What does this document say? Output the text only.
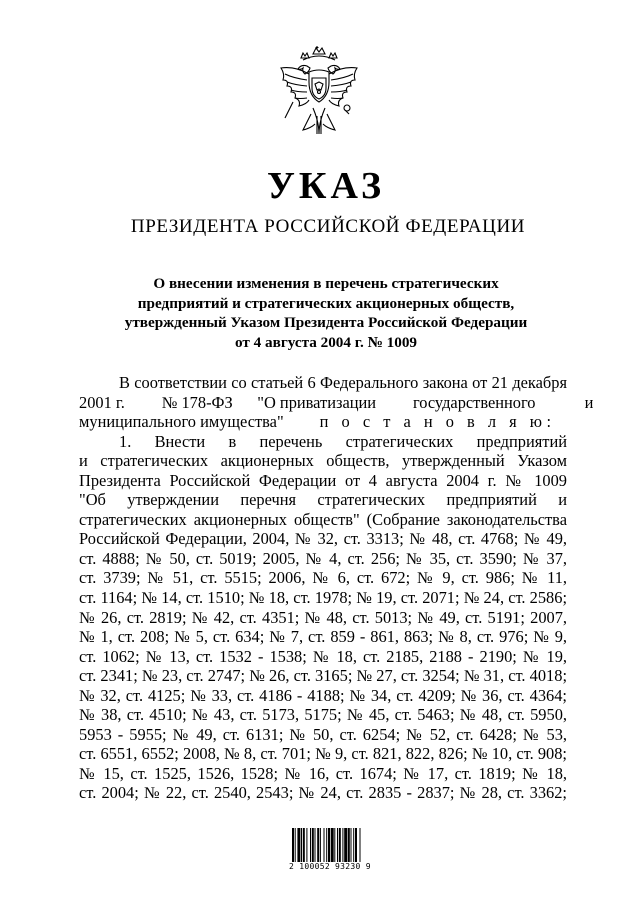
УКАЗ
ПРЕЗИДЕНТА РОССИЙСКОЙ ФЕДЕРАЦИИ
О внесении изменения в перечень стратегических
предприятий и стратегических акционерных обществ,
утвержденный Указом Президента Российской Федерации
от 4 августа 2004 г. № 1009
В соответствии со статьей 6 Федерального закона от 21 декабря
2001 г. № 178-ФЗ "О приватизации государственного	и
муниципального имущества" п о с т а н о в л я ю:
1. Внести в перечень стратегических предприятий
и стратегических акционерных обществ, утвержденный Указом
Президента Российской Федерации от 4 августа 2004 г. № 1009
"Об утверждении перечня стратегических предприятий и
стратегических акционерных обществ" (Собрание законодательства
Российской Федерации, 2004, № 32, ст. 3313; № 48, ст. 4768; № 49,
ст. 4888; № 50, ст. 5019; 2005, № 4, ст. 256; № 35, ст. 3590; № 37,
ст. 3739; № 51, ст. 5515; 2006, № 6, ст. 672; № 9, ст. 986; № 11,
ст. 1164; № 14, ст. 1510; № 18, ст. 1978; № 19, ст. 2071; № 24, ст. 2586;
№ 26, ст. 2819; № 42, ст. 4351; № 48, ст. 5013; № 49, ст. 5191; 2007,
№ 1, ст. 208; № 5, ст. 634; № 7, ст. 859 - 861, 863; № 8, ст. 976; № 9,
ст. 1062; № 13, ст. 1532 - 1538; № 18, ст. 2185, 2188 - 2190; № 19,
ст. 2341; № 23, ст. 2747; № 26, ст. 3165; № 27, ст. 3254; № 31, ст. 4018;
№ 32, ст. 4125; № 33, ст. 4186 - 4188; № 34, ст. 4209; № 36, ст. 4364;
№ 38, ст. 4510; № 43, ст. 5173, 5175; № 45, ст. 5463; № 48, ст. 5950,
5953 - 5955; № 49, ст. 6131; № 50, ст. 6254; № 52, ст. 6428; № 53,
ст. 6551, 6552; 2008, № 8, ст. 701; № 9, ст. 821, 822, 826; № 10, ст. 908;
№ 15, ст. 1525, 1526, 1528; № 16, ст. 1674; № 17, ст. 1819; № 18,
ст. 2004; № 22, ст. 2540, 2543; № 24, ст. 2835 - 2837; № 28, ст. 3362;
2 100052 93230 9
